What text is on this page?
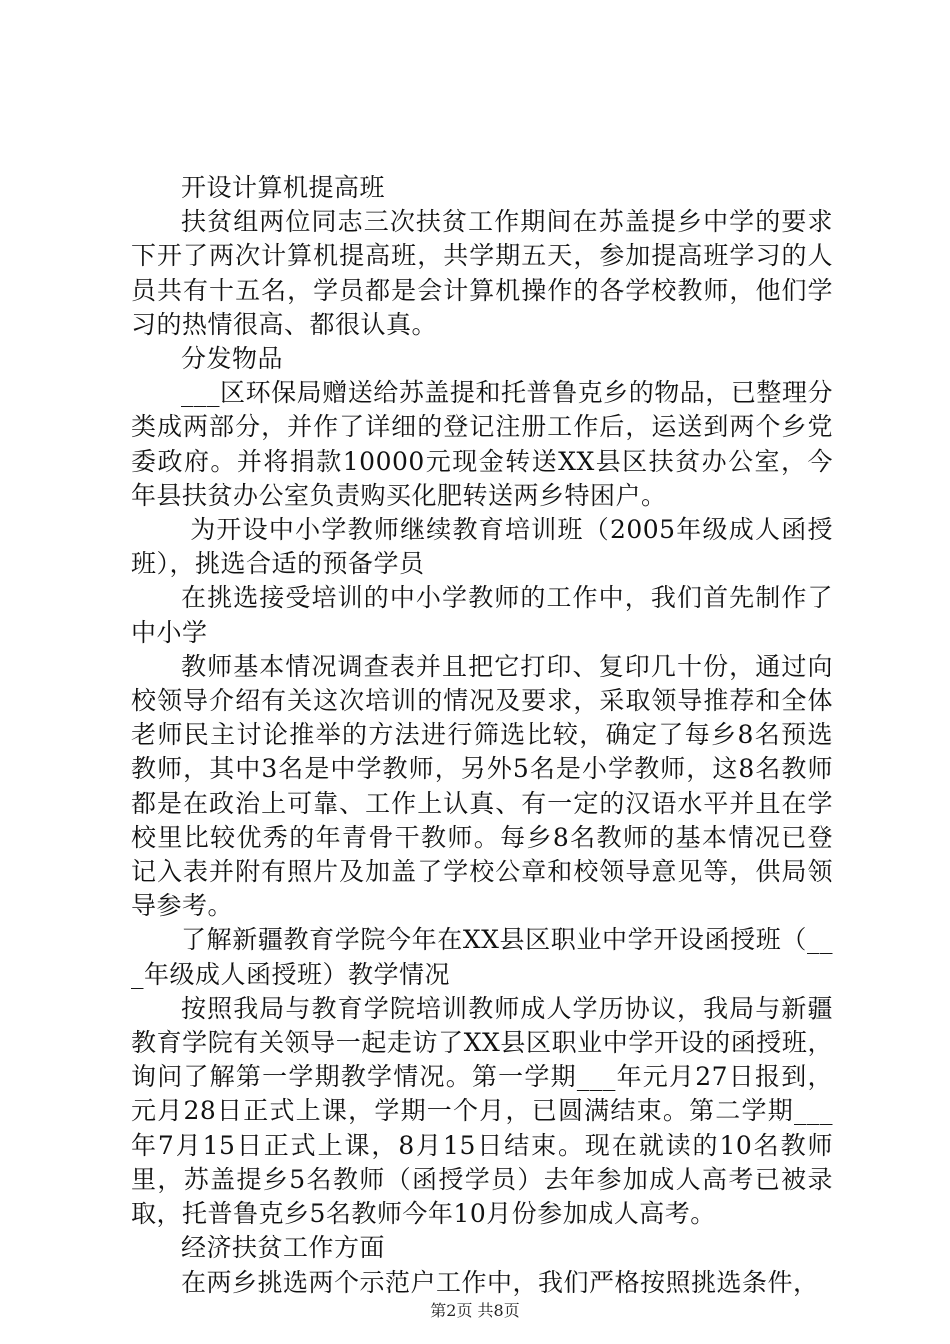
开设计算机提高班

扶贫组两位同志三次扶贫工作期间在苏盖提乡中学的要求下开了两次计算机提高班，共学期五天，参加提高班学习的人员共有十五名，学员都是会计算机操作的各学校教师，他们学习的热情很高、都很认真。

分发物品

___区环保局赠送给苏盖提和托普鲁克乡的物品，已整理分类成两部分，并作了详细的登记注册工作后，运送到两个乡党委政府。并将捐款10000元现金转送XX县区扶贫办公室，今年县扶贫办公室负责购买化肥转送两乡特困户。

为开设中小学教师继续教育培训班（2005年级成人函授班），挑选合适的预备学员

在挑选接受培训的中小学教师的工作中，我们首先制作了中小学

教师基本情况调查表并且把它打印、复印几十份，通过向校领导介绍有关这次培训的情况及要求，采取领导推荐和全体老师民主讨论推举的方法进行筛选比较，确定了每乡8名预选教师，其中3名是中学教师，另外5名是小学教师，这8名教师都是在政治上可靠、工作上认真、有一定的汉语水平并且在学校里比较优秀的年青骨干教师。每乡8名教师的基本情况已登记入表并附有照片及加盖了学校公章和校领导意见等，供局领导参考。

了解新疆教育学院今年在XX县区职业中学开设函授班（___年级成人函授班）教学情况

按照我局与教育学院培训教师成人学历协议，我局与新疆教育学院有关领导一起走访了XX县区职业中学开设的函授班，询问了解第一学期教学情况。第一学期___年元月27日报到，元月28日正式上课，学期一个月，已圆满结束。第二学期___年7月15日正式上课，8月15日结束。现在就读的10名教师里，苏盖提乡5名教师（函授学员）去年参加成人高考已被录取，托普鲁克乡5名教师今年10月份参加成人高考。

经济扶贫工作方面

在两乡挑选两个示范户工作中，我们严格按照挑选条件，

第2页 共8页
